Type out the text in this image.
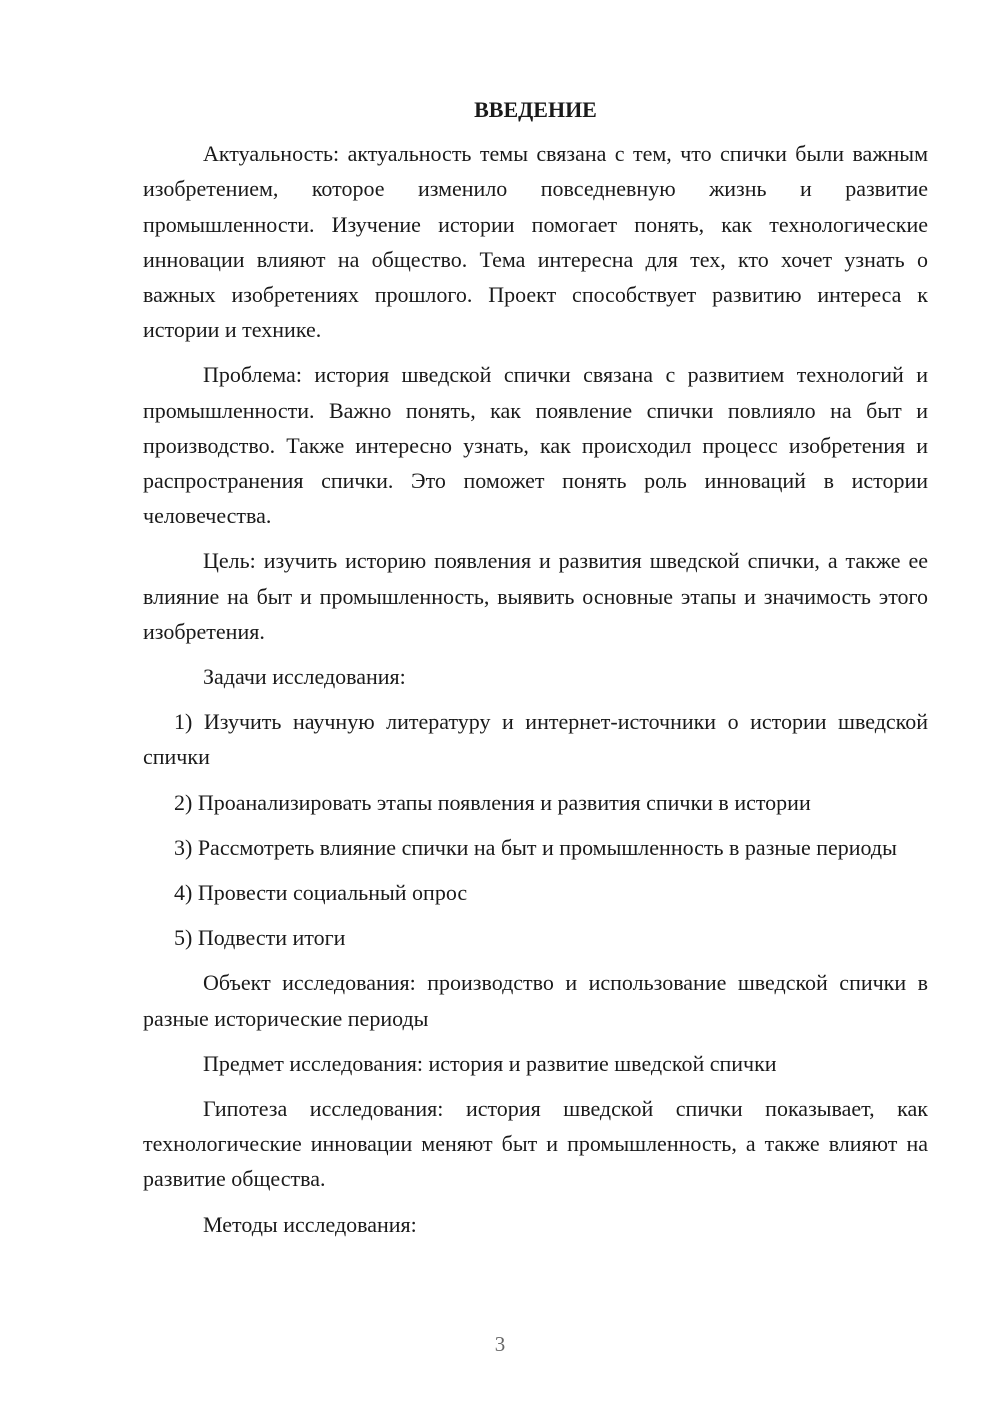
ВВЕДЕНИЕ

Актуальность: актуальность темы связана с тем, что спички были важным изобретением, которое изменило повседневную жизнь и развитие промышленности. Изучение истории помогает понять, как технологические инновации влияют на общество. Тема интересна для тех, кто хочет узнать о важных изобретениях прошлого. Проект способствует развитию интереса к истории и технике.

Проблема: история шведской спички связана с развитием технологий и промышленности. Важно понять, как появление спички повлияло на быт и производство. Также интересно узнать, как происходил процесс изобретения и распространения спички. Это поможет понять роль инноваций в истории человечества.

Цель: изучить историю появления и развития шведской спички, а также ее влияние на быт и промышленность, выявить основные этапы и значимость этого изобретения.

Задачи исследования:

1) Изучить научную литературу и интернет-источники о истории шведской спички

2) Проанализировать этапы появления и развития спички в истории

3) Рассмотреть влияние спички на быт и промышленность в разные периоды

4) Провести социальный опрос

5) Подвести итоги

Объект исследования: производство и использование шведской спички в разные исторические периоды

Предмет исследования: история и развитие шведской спички

Гипотеза исследования: история шведской спички показывает, как технологические инновации меняют быт и промышленность, а также влияют на развитие общества.

Методы исследования:

3
